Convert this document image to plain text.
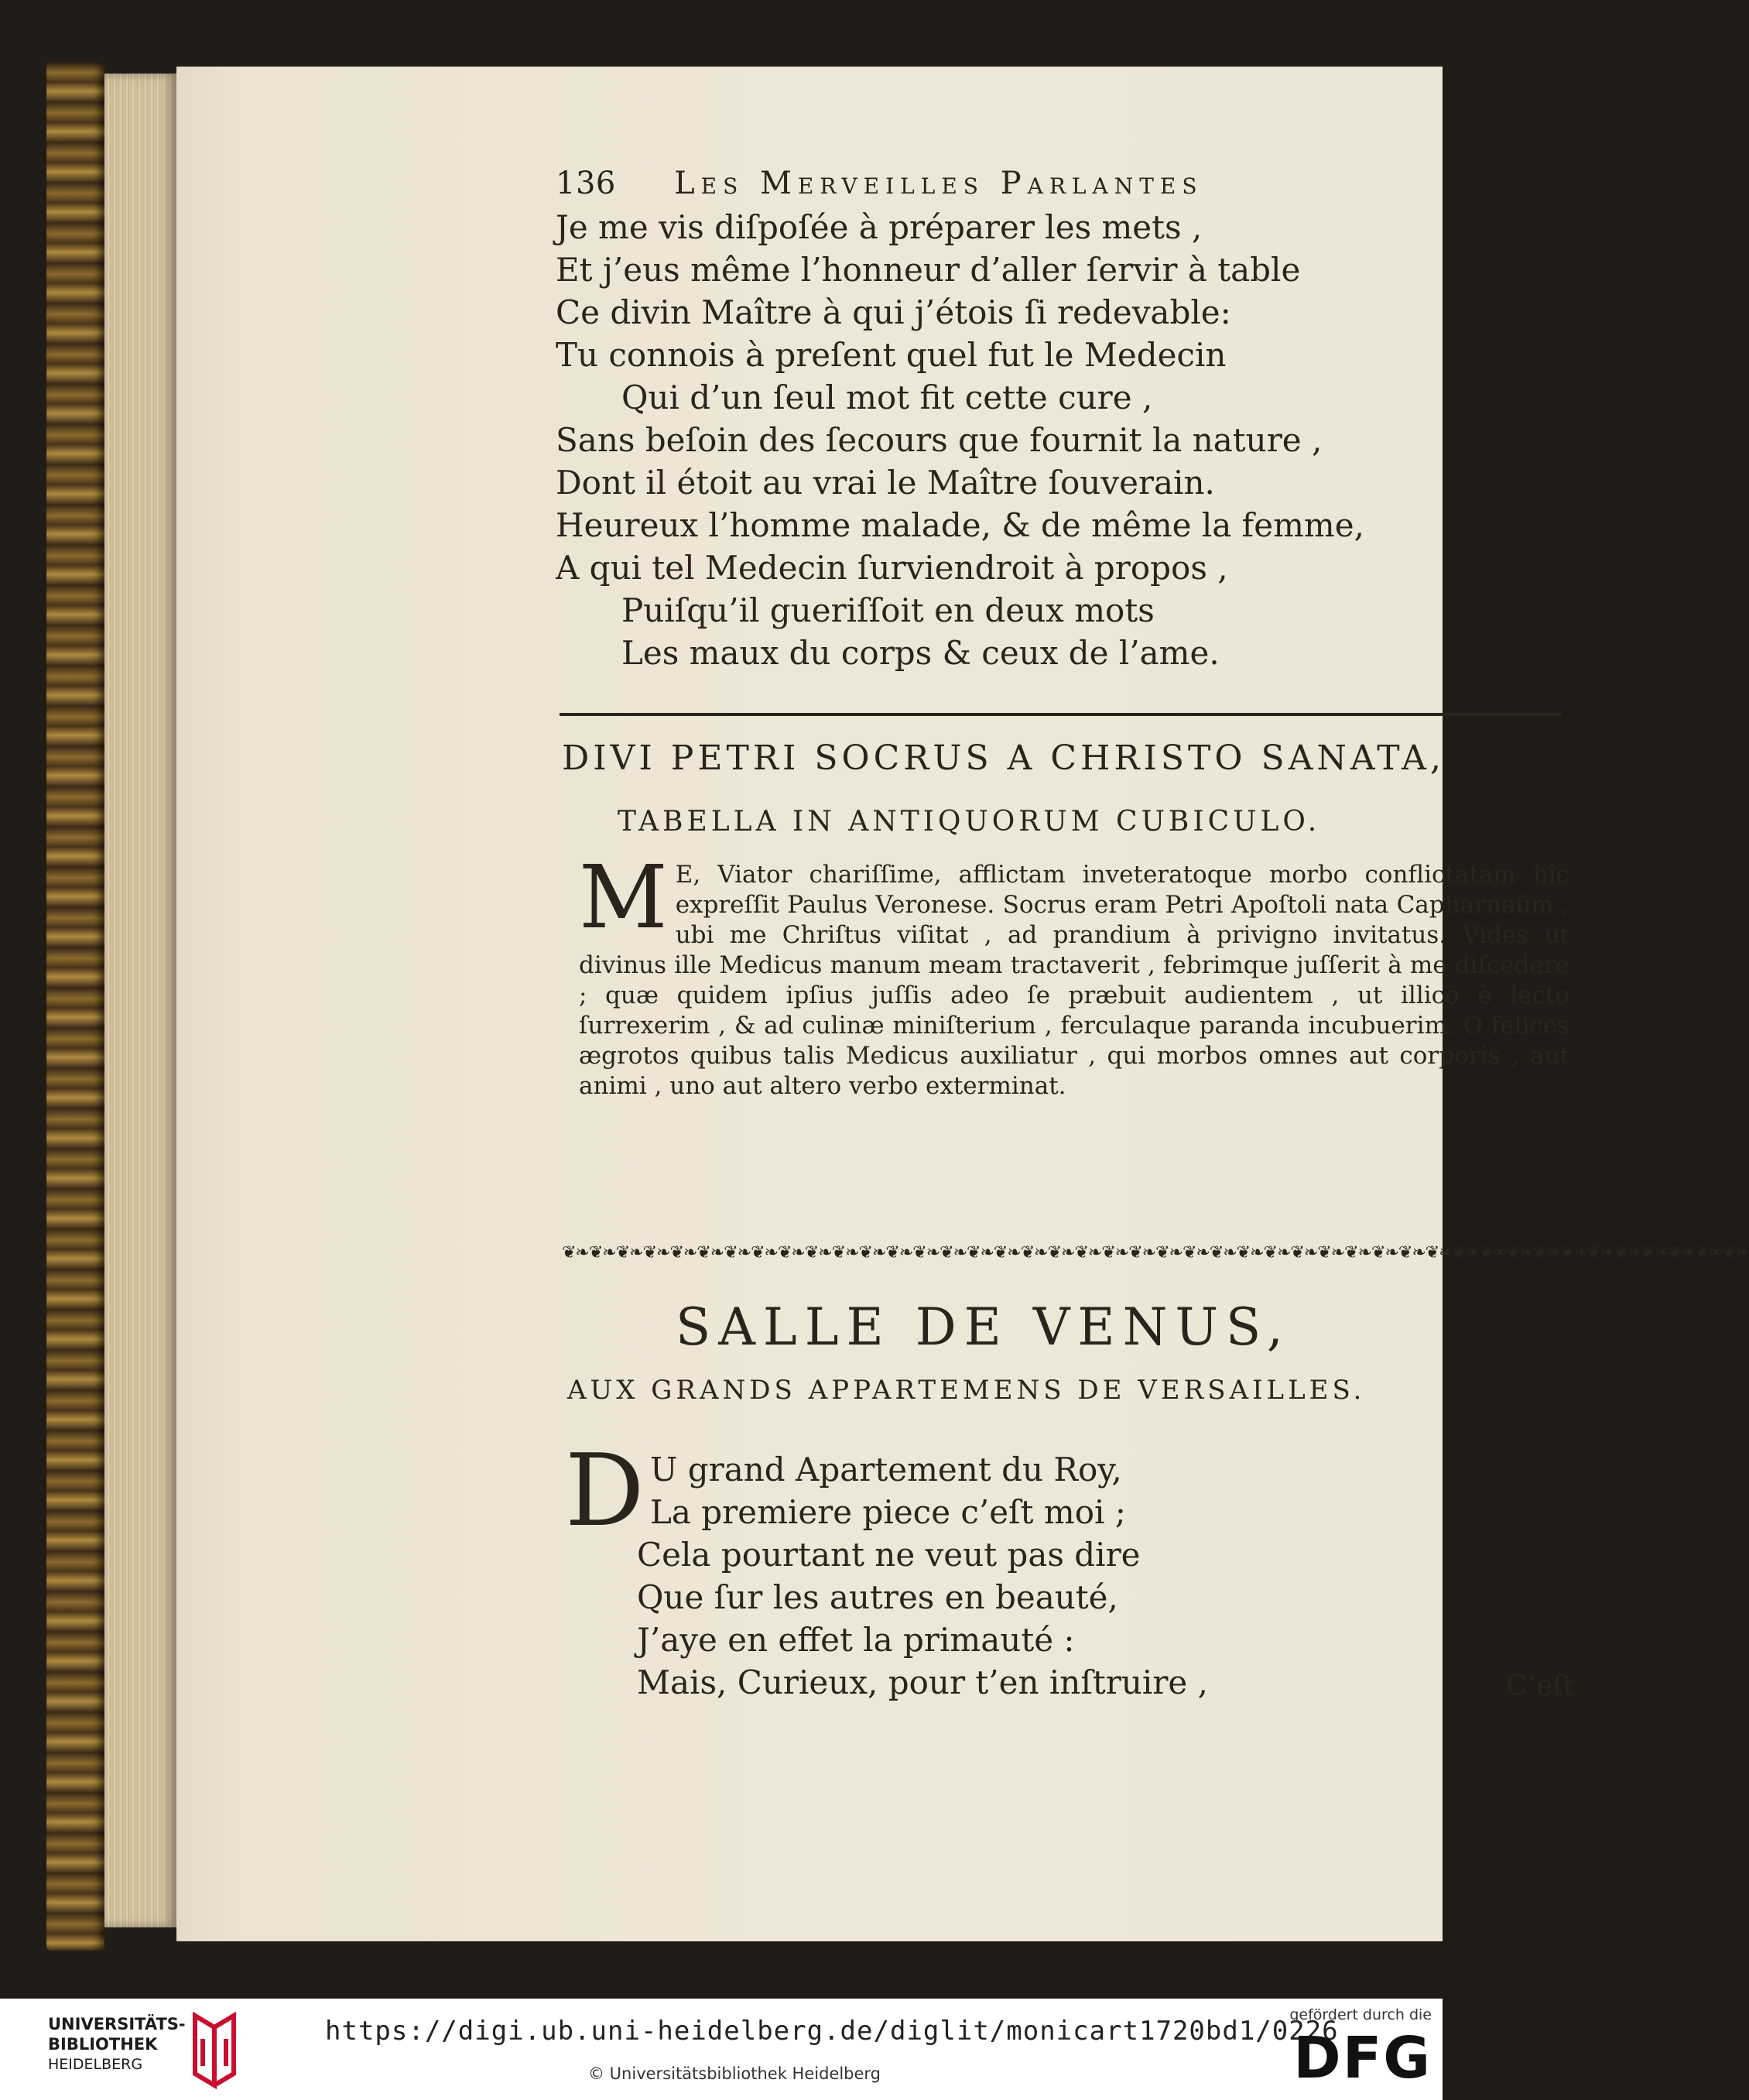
136 Les Merveilles Parlantes
Je me vis diſpoſée à préparer les mets ,
Et j’eus même l’honneur d’aller ſervir à table
Ce divin Maître à qui j’étois ſi redevable:
Tu connois à preſent quel fut le Medecin
Qui d’un ſeul mot fit cette cure ,
Sans beſoin des ſecours que fournit la nature ,
Dont il étoit au vrai le Maître ſouverain.
Heureux l’homme malade, & de même la femme,
A qui tel Medecin ſurviendroit à propos ,
Puiſqu’il gueriſſoit en deux mots
Les maux du corps & ceux de l’ame.
DIVI PETRI SOCRUS A CHRISTO SANATA,
TABELLA IN ANTIQUORUM CUBICULO.
M E, Viator chariſſime, afflictam inveteratoque morbo conflictatam hîc expreſſit Paulus Veronese. Socrus eram Petri Apoſtoli nata Capharnaüm , ubi me Chriſtus viſitat , ad prandium à privigno invitatus. Vides ut divinus ille Medicus manum meam tractaverit , febrimque juſſerit à me diſcedere ; quæ quidem ipſius juſſis adeo ſe præbuit audientem , ut illico è lecto ſurrexerim , & ad culinæ miniſterium , ferculaque paranda incubuerim. O felices ægrotos quibus talis Medicus auxiliatur , qui morbos omnes aut corporis , aut animi , uno aut altero verbo exterminat.
❦❧❦❧❦❧❦❧❦❧❦❧❦❧❦❧❦❧❦❧❦❧❦❧❦❧❦❧❦❧❦❧❦❧❦❧❦❧❦❧❦❧❦❧❦❧❦❧❦❧❦❧❦❧❦❧❦❧❦❧❦❧❦❧❦❧❦❧❦❧❦❧❦❧❦❧❦❧❦❧❦❧❦❧❦❧❦❧
SALLE DE VENUS,
AUX GRANDS APPARTEMENS DE VERSAILLES.
D U grand Apartement du Roy,
La premiere piece c’eſt moi ;
Cela pourtant ne veut pas dire
Que ſur les autres en beauté,
J’aye en effet la primauté :
Mais, Curieux, pour t’en inſtruire ,	C’eſt
UNIVERSITÄTS-
BIBLIOTHEK
HEIDELBERG
https://digi.ub.uni-heidelberg.de/diglit/monicart1720bd1/0226
© Universitätsbibliothek Heidelberg
gefördert durch die
DFG
